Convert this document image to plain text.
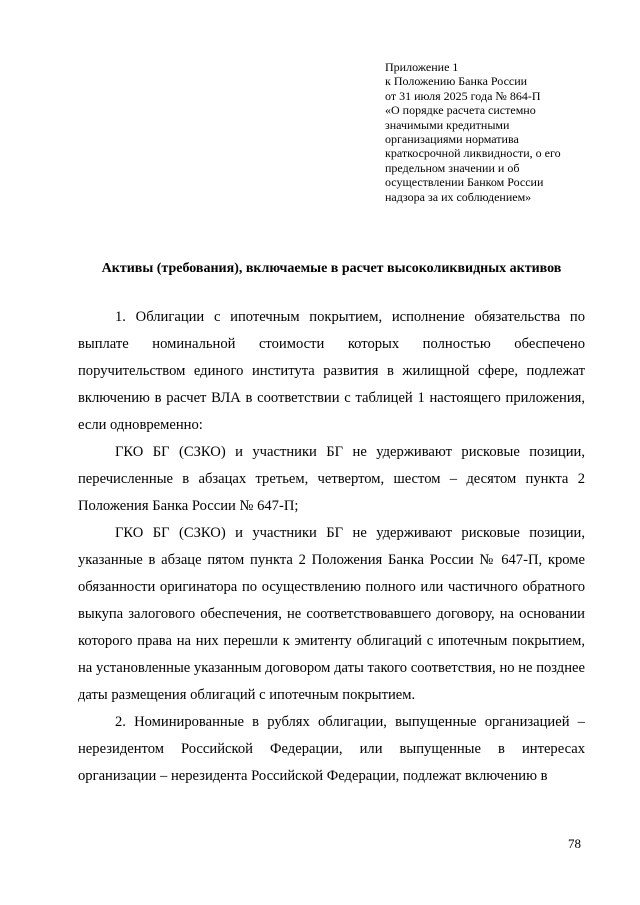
Приложение 1
к Положению Банка России
от 31 июля 2025 года № 864-П
«О порядке расчета системно
значимыми кредитными
организациями норматива
краткосрочной ликвидности, о его
предельном значении и об
осуществлении Банком России
надзора за их соблюдением»
Активы (требования), включаемые в расчет высоколиквидных активов

1. Облигации с ипотечным покрытием, исполнение обязательства по выплате номинальной стоимости которых полностью обеспечено поручительством единого института развития в жилищной сфере, подлежат включению в расчет ВЛА в соответствии с таблицей 1 настоящего приложения, если одновременно:

ГКО БГ (СЗКО) и участники БГ не удерживают рисковые позиции, перечисленные в абзацах третьем, четвертом, шестом – десятом пункта 2 Положения Банка России № 647-П;

ГКО БГ (СЗКО) и участники БГ не удерживают рисковые позиции, указанные в абзаце пятом пункта 2 Положения Банка России № 647-П, кроме обязанности оригинатора по осуществлению полного или частичного обратного выкупа залогового обеспечения, не соответствовавшего договору, на основании которого права на них перешли к эмитенту облигаций с ипотечным покрытием, на установленные указанным договором даты такого соответствия, но не позднее даты размещения облигаций с ипотечным покрытием.

2. Номинированные в рублях облигации, выпущенные организацией – нерезидентом Российской Федерации, или выпущенные в интересах организации – нерезидента Российской Федерации, подлежат включению в

78
